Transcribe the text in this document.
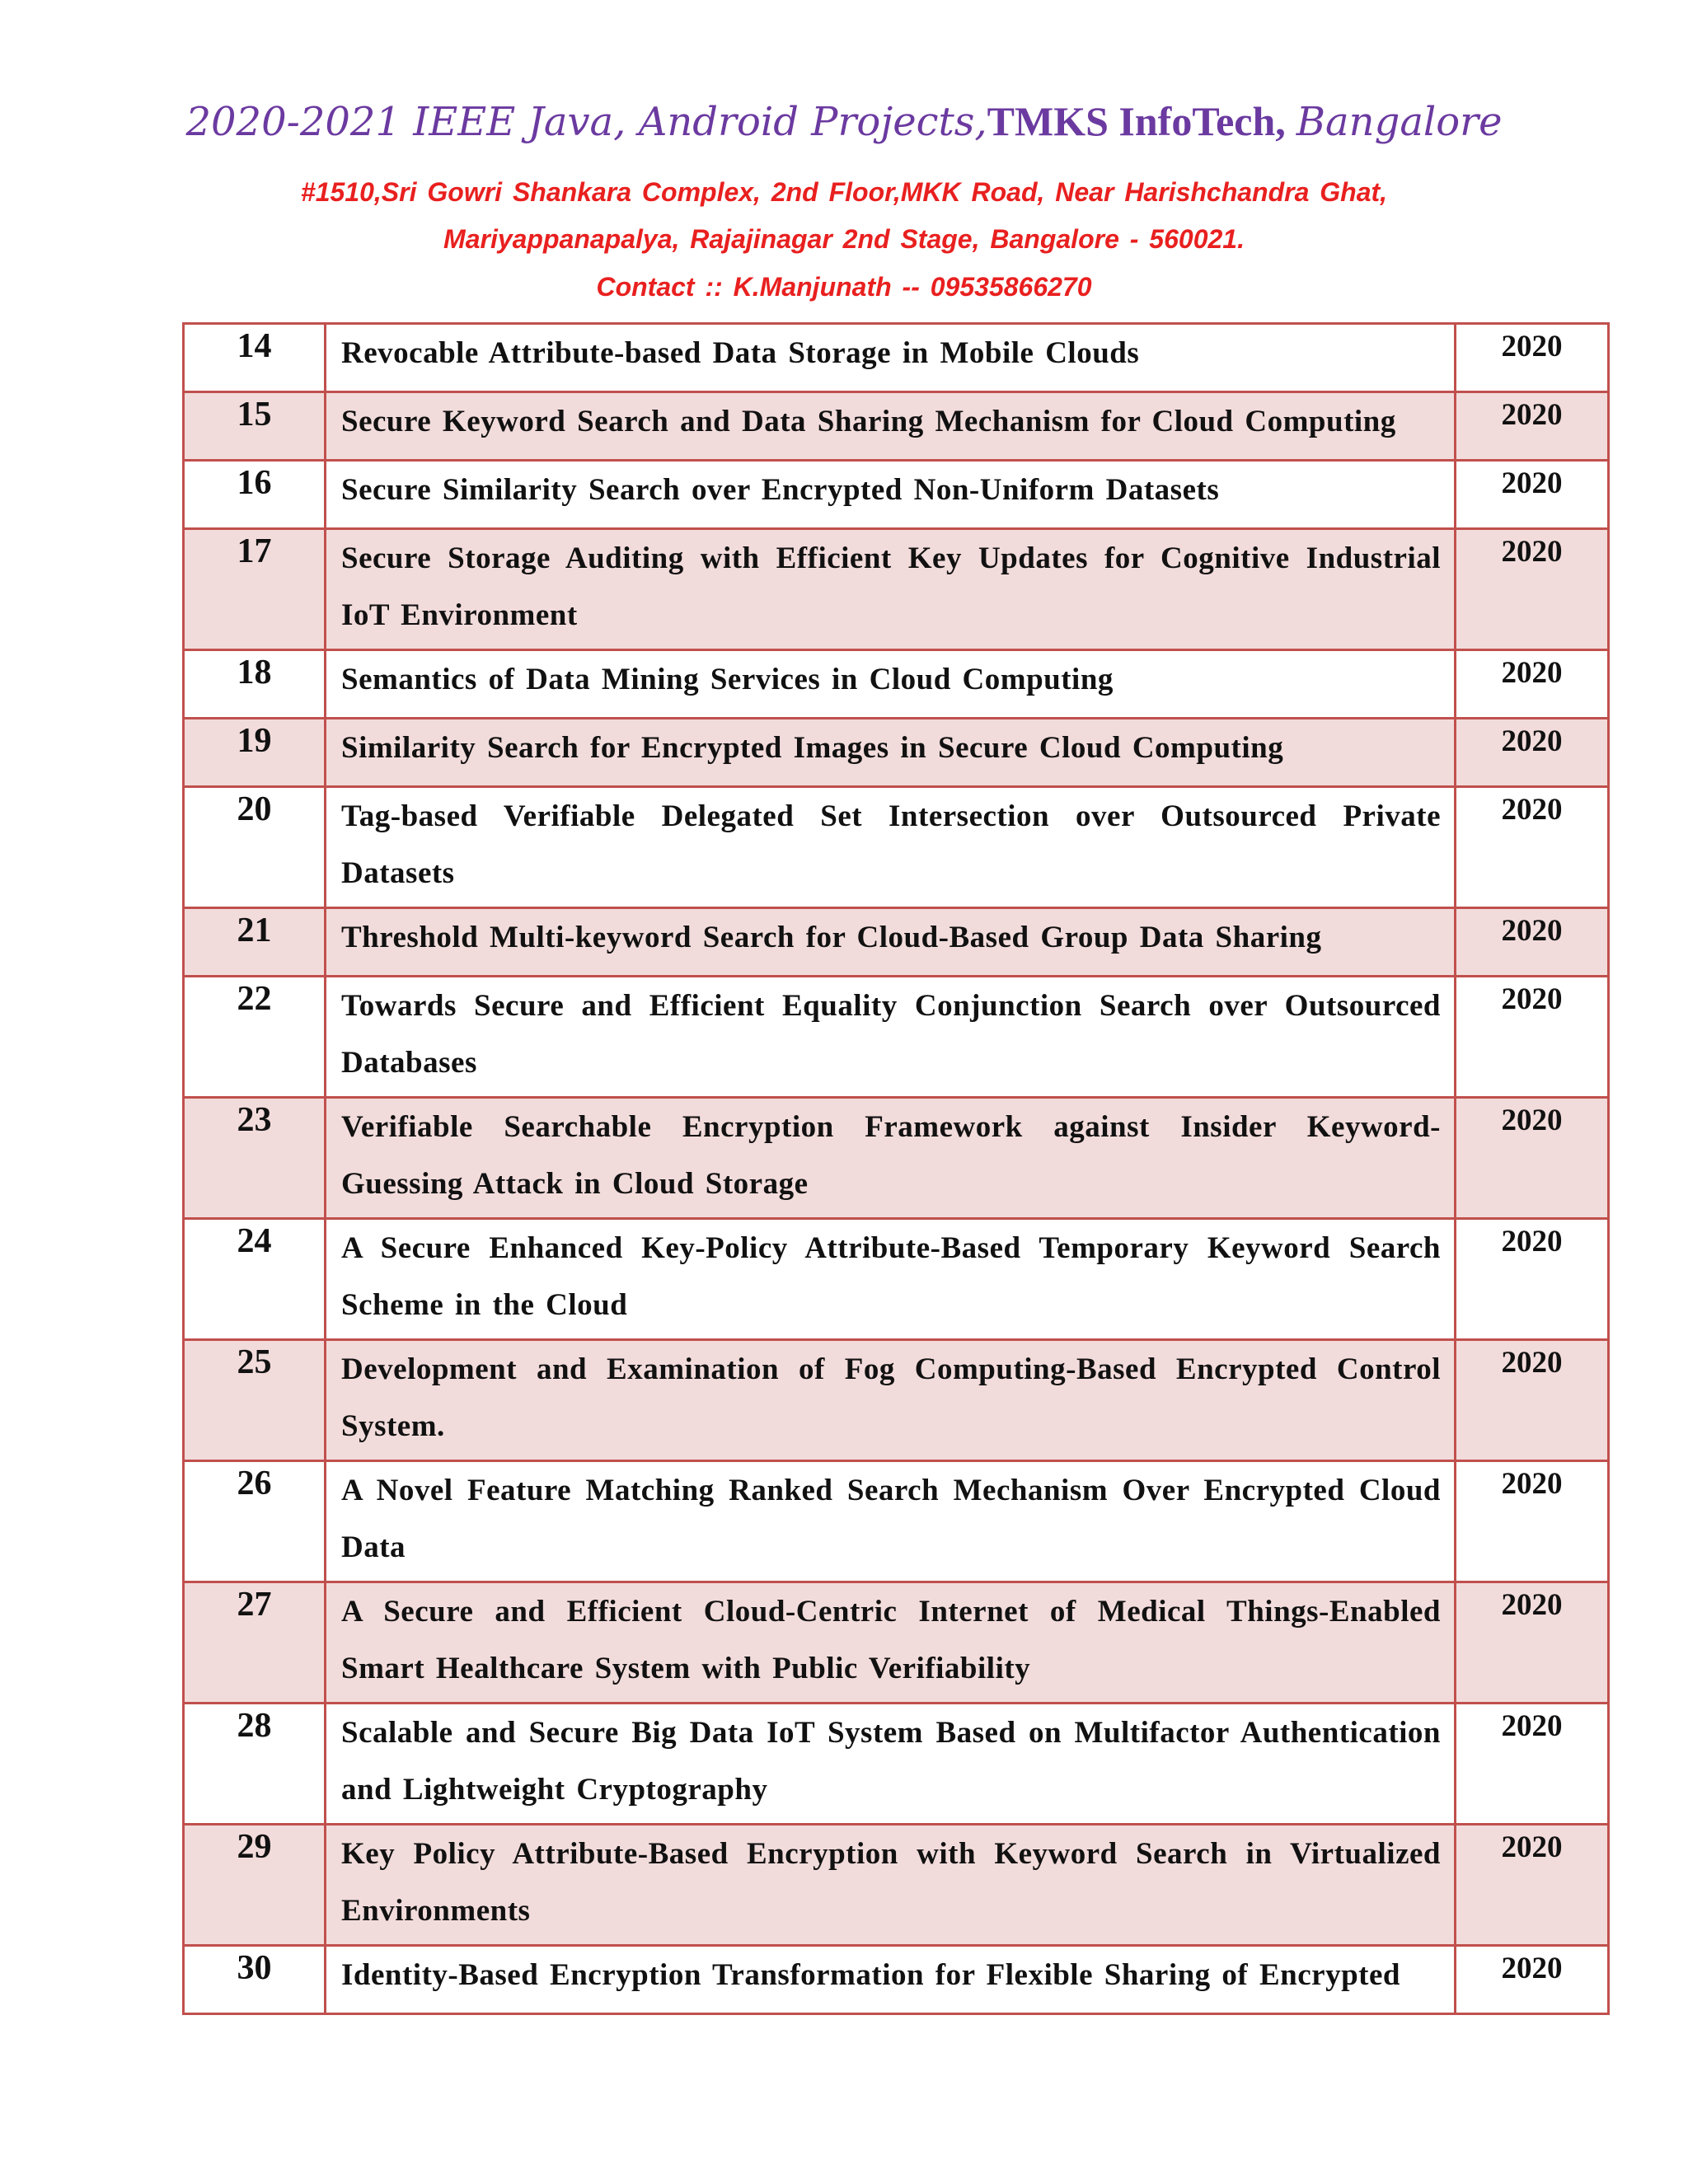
2020-2021 IEEE Java, Android Projects,TMKS InfoTech, Bangalore
#1510,Sri Gowri Shankara Complex, 2nd Floor,MKK Road, Near Harishchandra Ghat,
Mariyappanapalya, Rajajinagar 2nd Stage, Bangalore - 560021.
Contact :: K.Manjunath -- 09535866270
14	Revocable Attribute-based Data Storage in Mobile Clouds	2020
15	Secure Keyword Search and Data Sharing Mechanism for Cloud Computing	2020
16	Secure Similarity Search over Encrypted Non-Uniform Datasets	2020
17	Secure Storage Auditing with Efficient Key Updates for Cognitive Industrial IoT Environment	2020
18	Semantics of Data Mining Services in Cloud Computing	2020
19	Similarity Search for Encrypted Images in Secure Cloud Computing	2020
20	Tag-based Verifiable Delegated Set Intersection over Outsourced Private Datasets	2020
21	Threshold Multi-keyword Search for Cloud-Based Group Data Sharing	2020
22	Towards Secure and Efficient Equality Conjunction Search over Outsourced Databases	2020
23	Verifiable Searchable Encryption Framework against Insider Keyword-Guessing Attack in Cloud Storage	2020
24	A Secure Enhanced Key-Policy Attribute-Based Temporary Keyword Search Scheme in the Cloud	2020
25	Development and Examination of Fog Computing-Based Encrypted Control System.	2020
26	A Novel Feature Matching Ranked Search Mechanism Over Encrypted Cloud Data	2020
27	A Secure and Efficient Cloud-Centric Internet of Medical Things-Enabled Smart Healthcare System with Public Verifiability	2020
28	Scalable and Secure Big Data IoT System Based on Multifactor Authentication and Lightweight Cryptography	2020
29	Key Policy Attribute-Based Encryption with Keyword Search in Virtualized Environments	2020
30	Identity-Based Encryption Transformation for Flexible Sharing of Encrypted	2020
